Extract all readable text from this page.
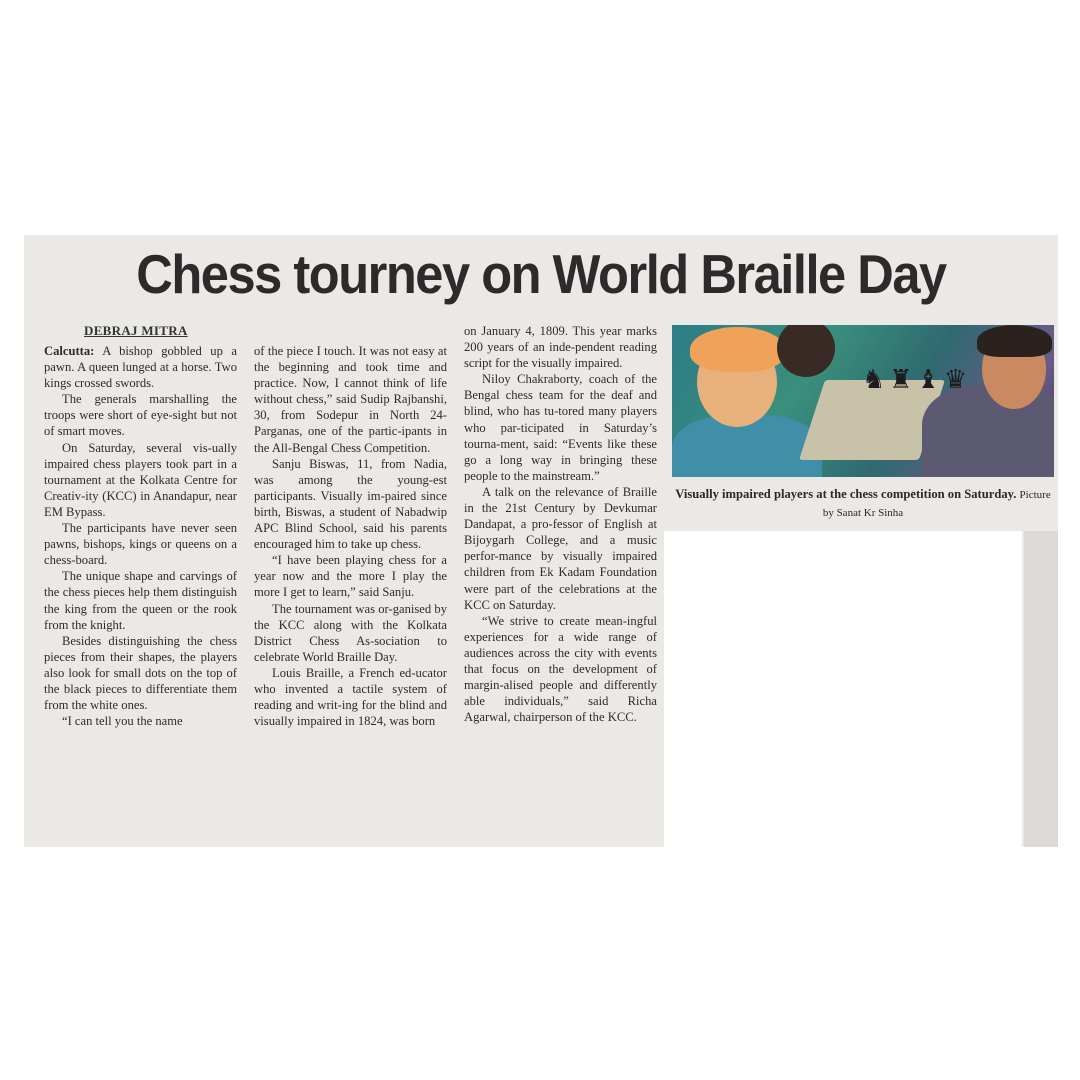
Chess tourney on World Braille Day
DEBRAJ MITRA

Calcutta: A bishop gobbled up a pawn. A queen lunged at a horse. Two kings crossed swords.

The generals marshalling the troops were short of eye-sight but not of smart moves.

On Saturday, several vis-ually impaired chess players took part in a tournament at the Kolkata Centre for Creativ-ity (KCC) in Anandapur, near EM Bypass.

The participants have never seen pawns, bishops, kings or queens on a chess-board.

The unique shape and carvings of the chess pieces help them distinguish the king from the queen or the rook from the knight.

Besides distinguishing the chess pieces from their shapes, the players also look for small dots on the top of the black pieces to differentiate them from the white ones.

“I can tell you the name

of the piece I touch. It was not easy at the beginning and took time and practice. Now, I cannot think of life without chess,” said Sudip Rajbanshi, 30, from Sodepur in North 24-Parganas, one of the partic-ipants in the All-Bengal Chess Competition.

Sanju Biswas, 11, from Nadia, was among the young-est participants. Visually im-paired since birth, Biswas, a student of Nabadwip APC Blind School, said his parents encouraged him to take up chess.

“I have been playing chess for a year now and the more I play the more I get to learn,” said Sanju.

The tournament was or-ganised by the KCC along with the Kolkata District Chess As-sociation to celebrate World Braille Day.

Louis Braille, a French ed-ucator who invented a tactile system of reading and writ-ing for the blind and visually impaired in 1824, was born

on January 4, 1809. This year marks 200 years of an inde-pendent reading script for the visually impaired.

Niloy Chakraborty, coach of the Bengal chess team for the deaf and blind, who has tu-tored many players who par-ticipated in Saturday’s tourna-ment, said: “Events like these go a long way in bringing these people to the mainstream.”

A talk on the relevance of Braille in the 21st Century by Devkumar Dandapat, a pro-fessor of English at Bijoygarh College, and a music perfor-mance by visually impaired children from Ek Kadam Foundation were part of the celebrations at the KCC on Saturday.

“We strive to create mean-ingful experiences for a wide range of audiences across the city with events that focus on the development of margin-alised people and differently able individuals,” said Richa Agarwal, chairperson of the KCC.

♞♜♝♛
Visually impaired players at the chess competition on Saturday. Picture by Sanat Kr Sinha
